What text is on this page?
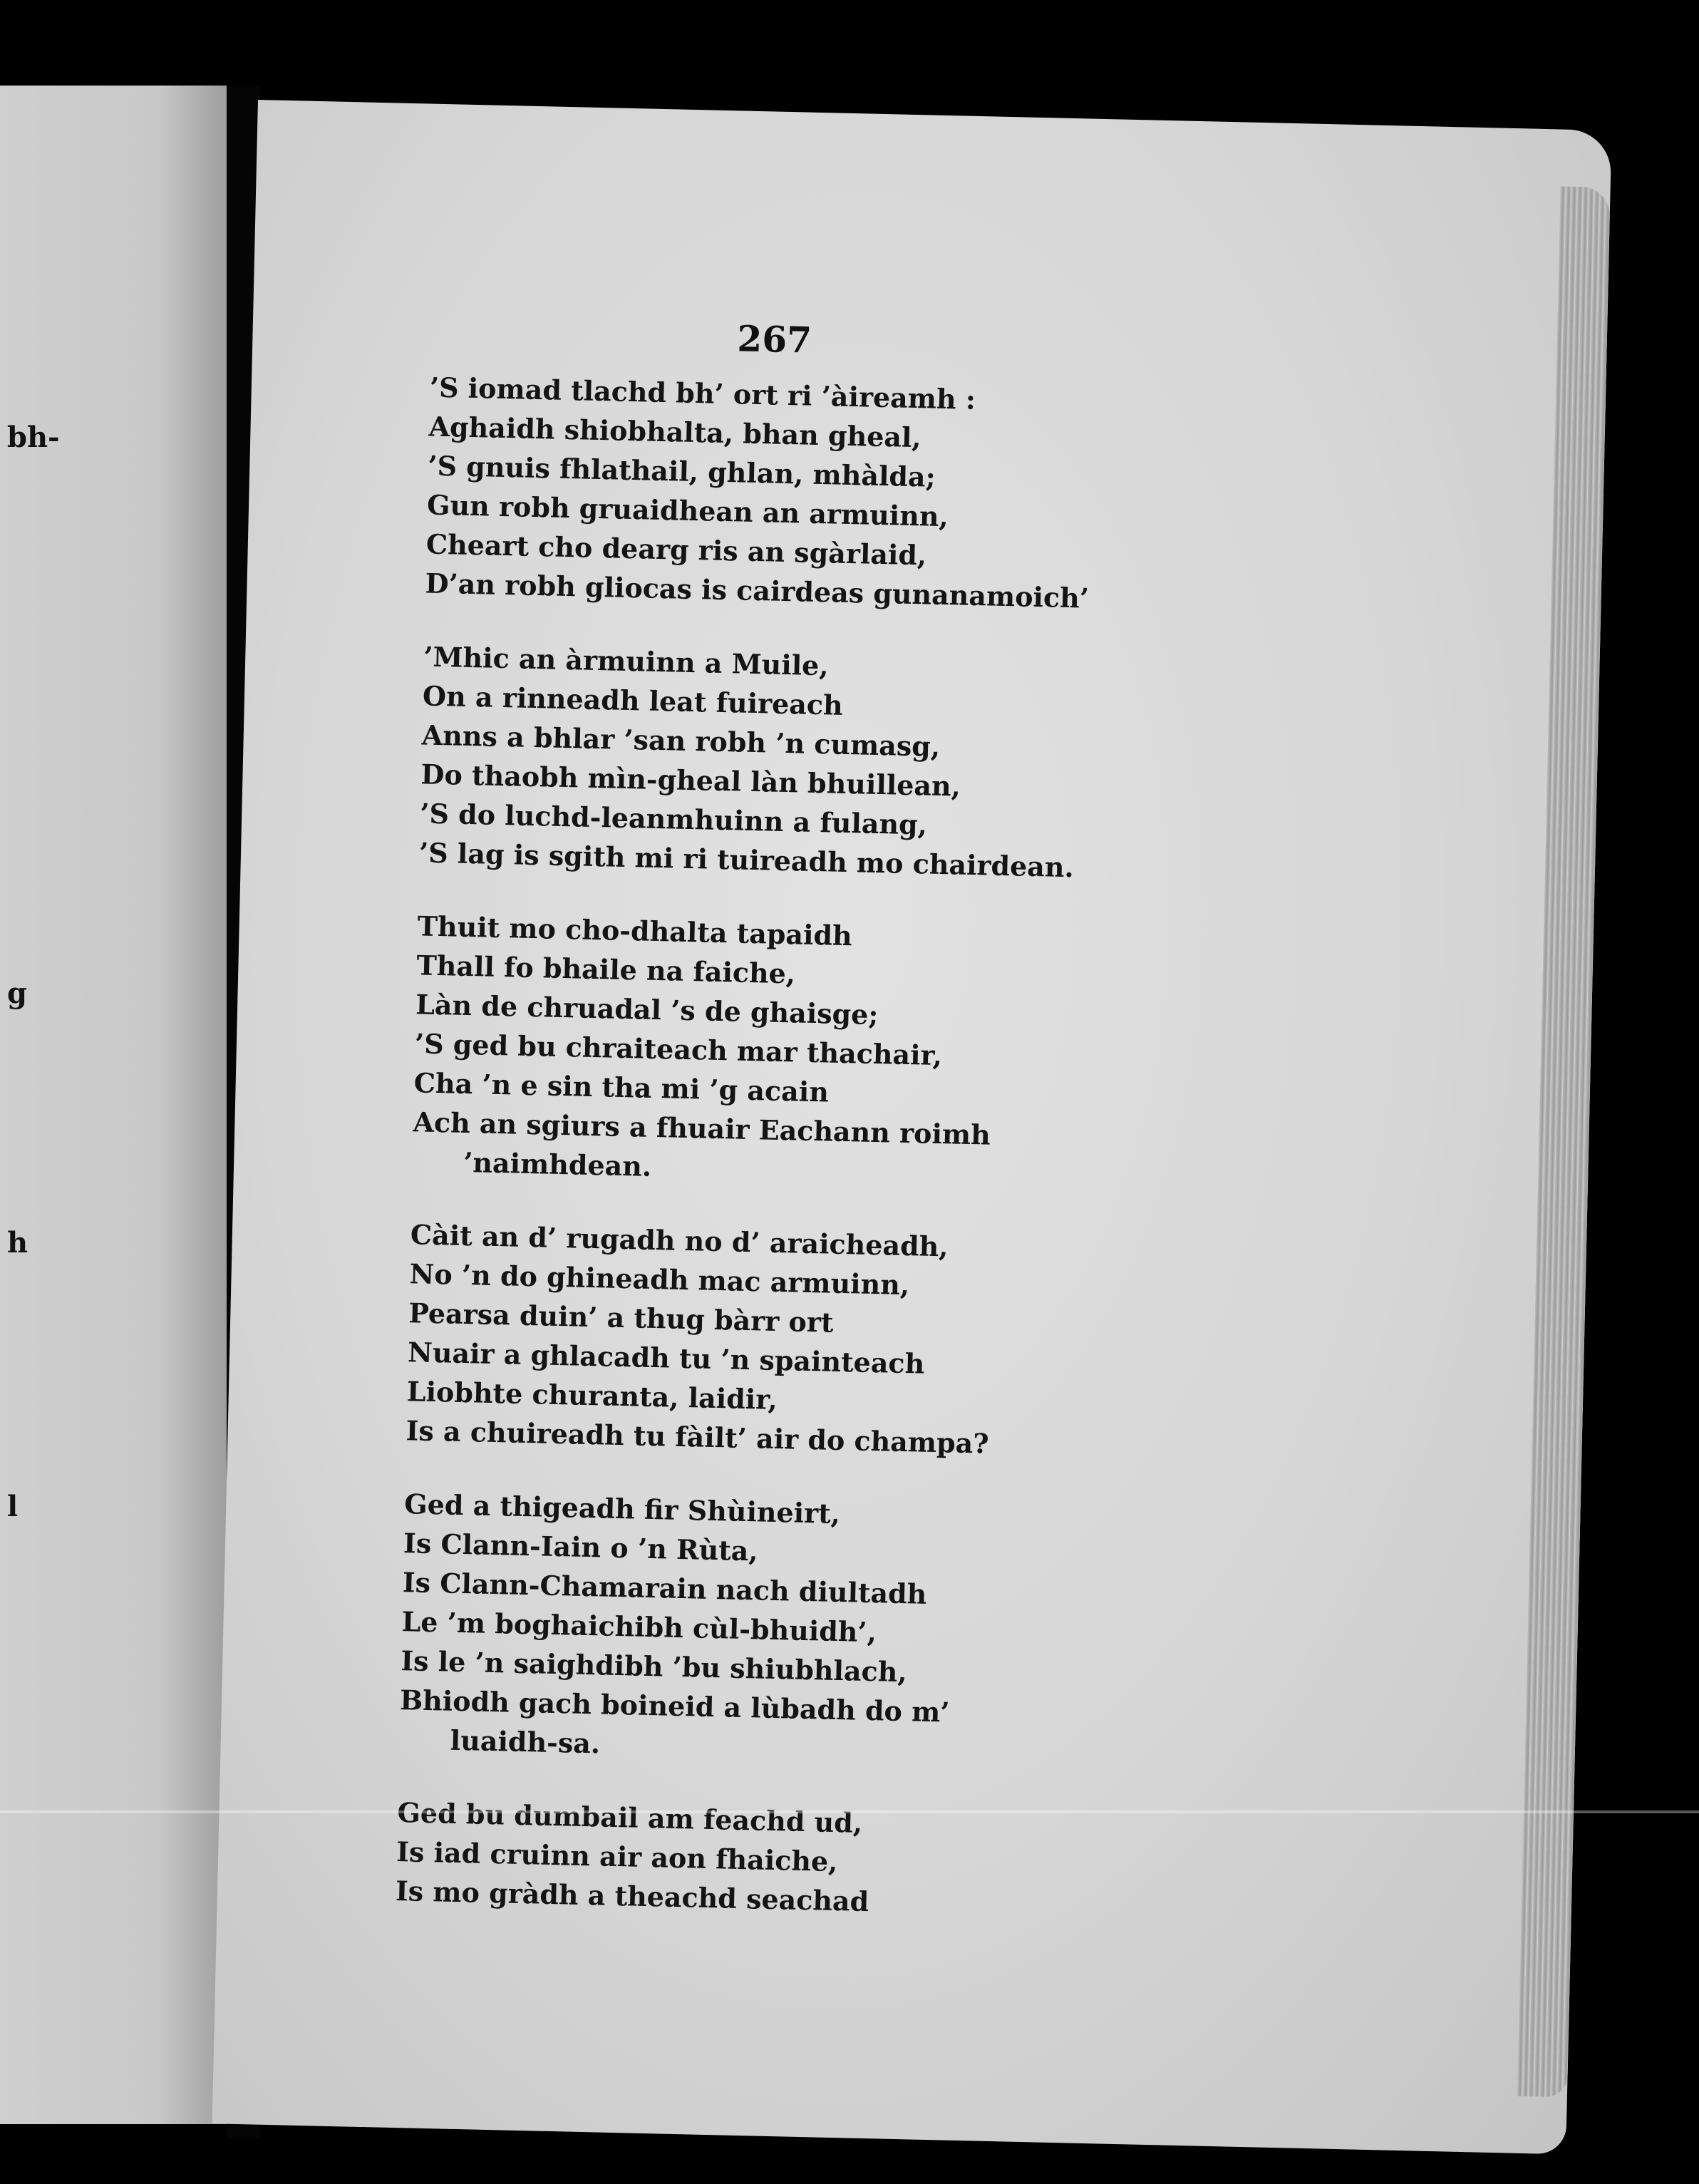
bh-
g
h
l
267
’S iomad tlachd bh’ ort ri ’àireamh :
Aghaidh shiobhalta, bhan gheal,
’S gnuis fhlathail, ghlan, mhàlda;
Gun robh gruaidhean an armuinn,
Cheart cho dearg ris an sgàrlaid,
D’an robh gliocas is cairdeas gunanamoich’
’Mhic an àrmuinn a Muile,
On a rinneadh leat fuireach
Anns a bhlar ’san robh ’n cumasg,
Do thaobh mìn-gheal làn bhuillean,
’S do luchd-leanmhuinn a fulang,
’S lag is sgith mi ri tuireadh mo chairdean.
Thuit mo cho-dhalta tapaidh
Thall fo bhaile na faiche,
Làn de chruadal ’s de ghaisge;
’S ged bu chraiteach mar thachair,
Cha ’n e sin tha mi ’g acain
Ach an sgiurs a fhuair Eachann roimh
’naimhdean.
Càit an d’ rugadh no d’ araicheadh,
No ’n do ghineadh mac armuinn,
Pearsa duin’ a thug bàrr ort
Nuair a ghlacadh tu ’n spainteach
Liobhte churanta, laidir,
Is a chuireadh tu fàilt’ air do champa?
Ged a thigeadh fir Shùineirt,
Is Clann-Iain o ’n Rùta,
Is Clann-Chamarain nach diultadh
Le ’m boghaichibh cùl-bhuidh’,
Is le ’n saighdibh ’bu shiubhlach,
Bhiodh gach boineid a lùbadh do m’
luaidh-sa.
Ged bu dumbail am feachd ud,
Is iad cruinn air aon fhaiche,
Is mo gràdh a theachd seachad
